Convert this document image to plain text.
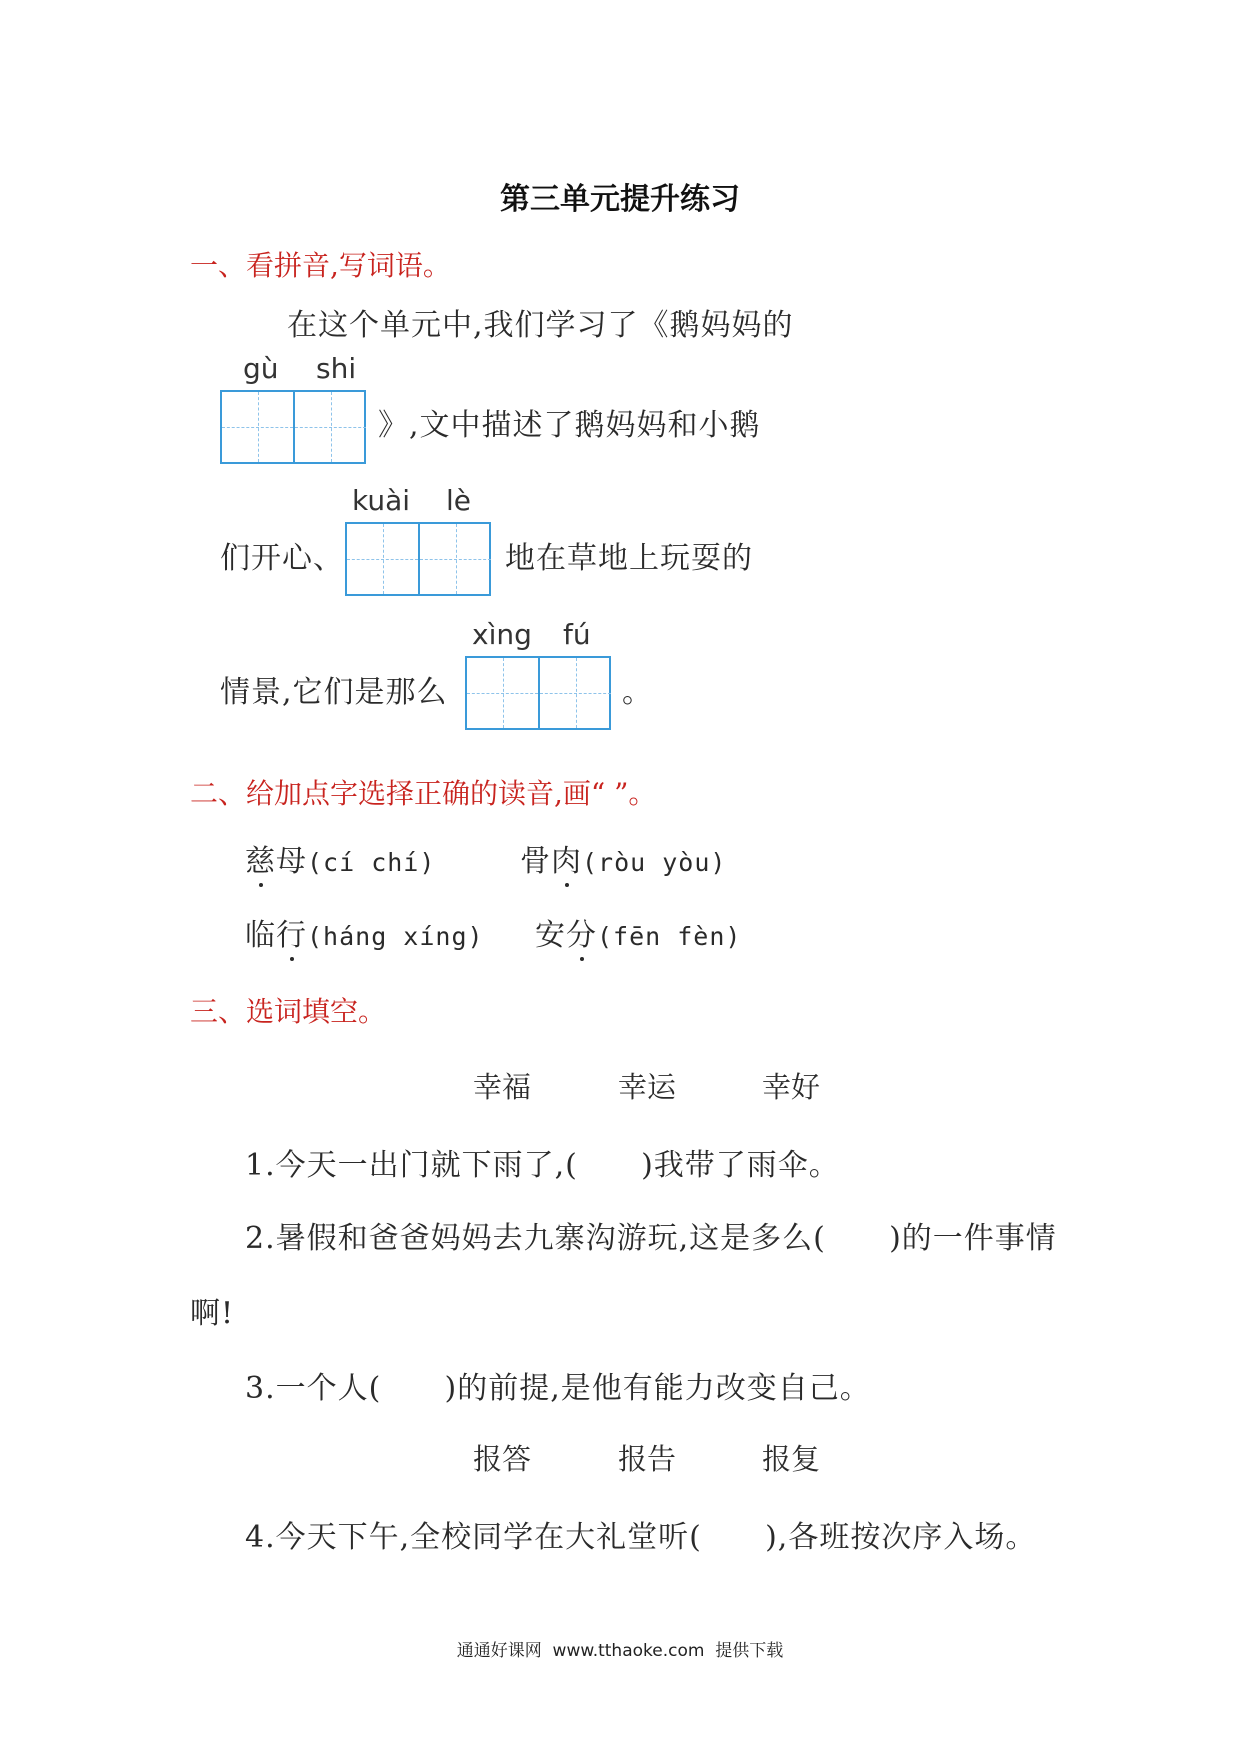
第三单元提升练习
一、看拼音,写词语。
在这个单元中,我们学习了《鹅妈妈的
gù shi
》,文中描述了鹅妈妈和小鹅
kuài lè
们开心、	地在草地上玩耍的
xìng fú
情景,它们是那么	。
二、给加点字选择正确的读音,画“ ”。
慈母(cí chí)	骨肉(ròu yòu)
临行(háng xíng) 安分(fēn fèn)
三、选词填空。
幸福	幸运	幸好
1.今天一出门就下雨了,(      )我带了雨伞。
2.暑假和爸爸妈妈去九寨沟游玩,这是多么(      )的一件事情
啊!
3.一个人(      )的前提,是他有能力改变自己。
报答	报告	报复
4.今天下午,全校同学在大礼堂听(      ),各班按次序入场。
通通好课网  www.tthaoke.com  提供下载
